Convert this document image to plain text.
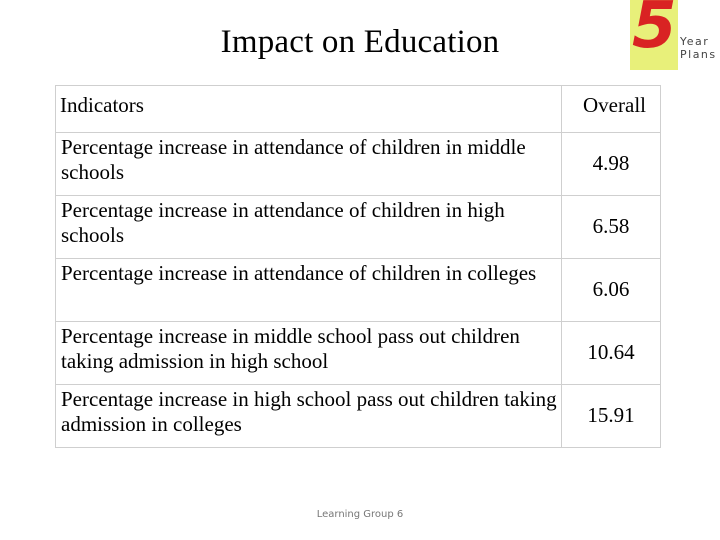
Impact on Education	5 Year
Plans
Indicators	Overall
Percentage increase in attendance of children in middle schools	4.98
Percentage increase in attendance of children in high schools	6.58
Percentage increase in attendance of children in colleges	6.06
Percentage increase in middle school pass out children taking admission in high school	10.64
Percentage increase in high school pass out children taking admission in colleges	15.91
Learning Group 6
